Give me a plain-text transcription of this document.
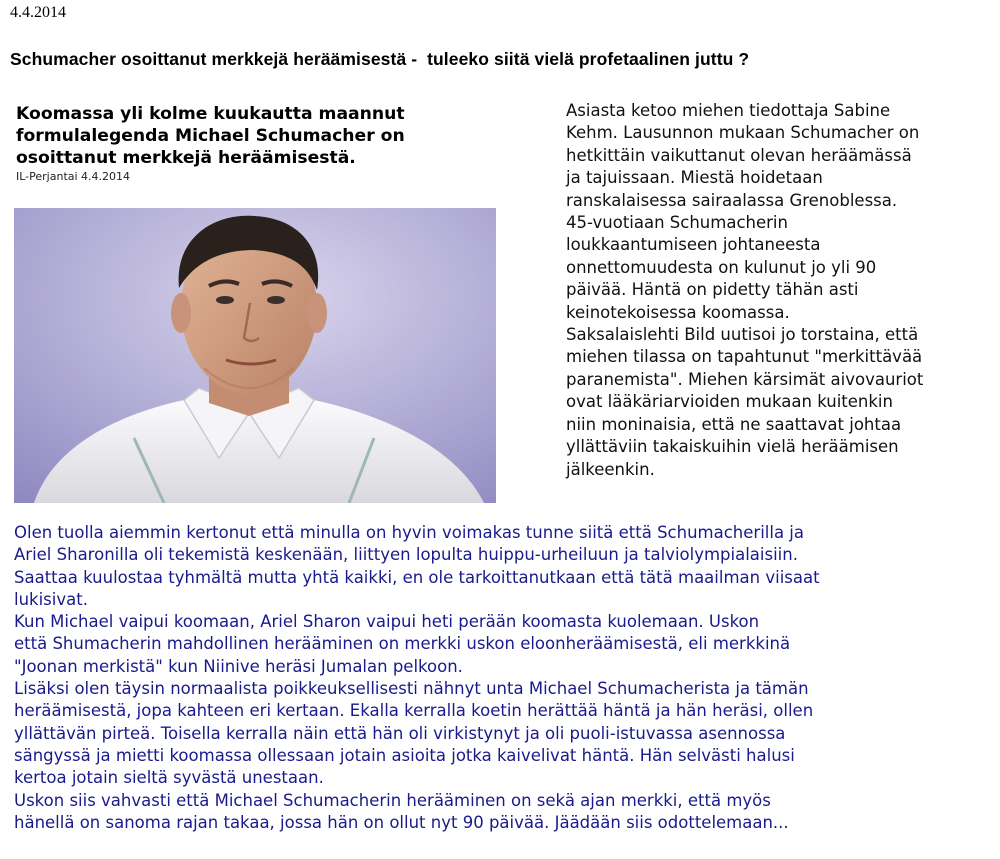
4.4.2014
Schumacher osoittanut merkkejä heräämisestä -  tuleeko siitä vielä profetaalinen juttu ?

Koomassa yli kolme kuukautta maannut formulalegenda Michael Schumacher on osoittanut merkkejä heräämisestä.

IL-Perjantai 4.4.2014

Asiasta ketoo miehen tiedottaja Sabine
Kehm. Lausunnon mukaan Schumacher on
hetkittäin vaikuttanut olevan heräämässä
ja tajuissaan. Miestä hoidetaan
ranskalaisessa sairaalassa Grenoblessa.
45-vuotiaan Schumacherin
loukkaantumiseen johtaneesta
onnettomuudesta on kulunut jo yli 90
päivää. Häntä on pidetty tähän asti
keinotekoisessa koomassa.
Saksalaislehti Bild uutisoi jo torstaina, että
miehen tilassa on tapahtunut "merkittävää
paranemista". Miehen kärsimät aivovauriot
ovat lääkäriarvioiden mukaan kuitenkin
niin moninaisia, että ne saattavat johtaa
yllättäviin takaiskuihin vielä heräämisen
jälkeenkin.

Olen tuolla aiemmin kertonut että minulla on hyvin voimakas tunne siitä että Schumacherilla ja
Ariel Sharonilla oli tekemistä keskenään, liittyen lopulta huippu-urheiluun ja talviolympialaisiin.
Saattaa kuulostaa tyhmältä mutta yhtä kaikki, en ole tarkoittanutkaan että tätä maailman viisaat
lukisivat.

Kun Michael vaipui koomaan, Ariel Sharon vaipui heti perään koomasta kuolemaan. Uskon
että Shumacherin mahdollinen herääminen on merkki uskon eloonheräämisestä, eli merkkinä
"Joonan merkistä" kun Niinive heräsi Jumalan pelkoon.

Lisäksi olen täysin normaalista poikkeuksellisesti nähnyt unta Michael Schumacherista ja tämän
heräämisestä, jopa kahteen eri kertaan. Ekalla kerralla koetin herättää häntä ja hän heräsi, ollen
yllättävän pirteä. Toisella kerralla näin että hän oli virkistynyt ja oli puoli-istuvassa asennossa
sängyssä ja mietti koomassa ollessaan jotain asioita jotka kaivelivat häntä. Hän selvästi halusi
kertoa jotain sieltä syvästä unestaan.

Uskon siis vahvasti että Michael Schumacherin herääminen on sekä ajan merkki, että myös
hänellä on sanoma rajan takaa, jossa hän on ollut nyt 90 päivää. Jäädään siis odottelemaan...
